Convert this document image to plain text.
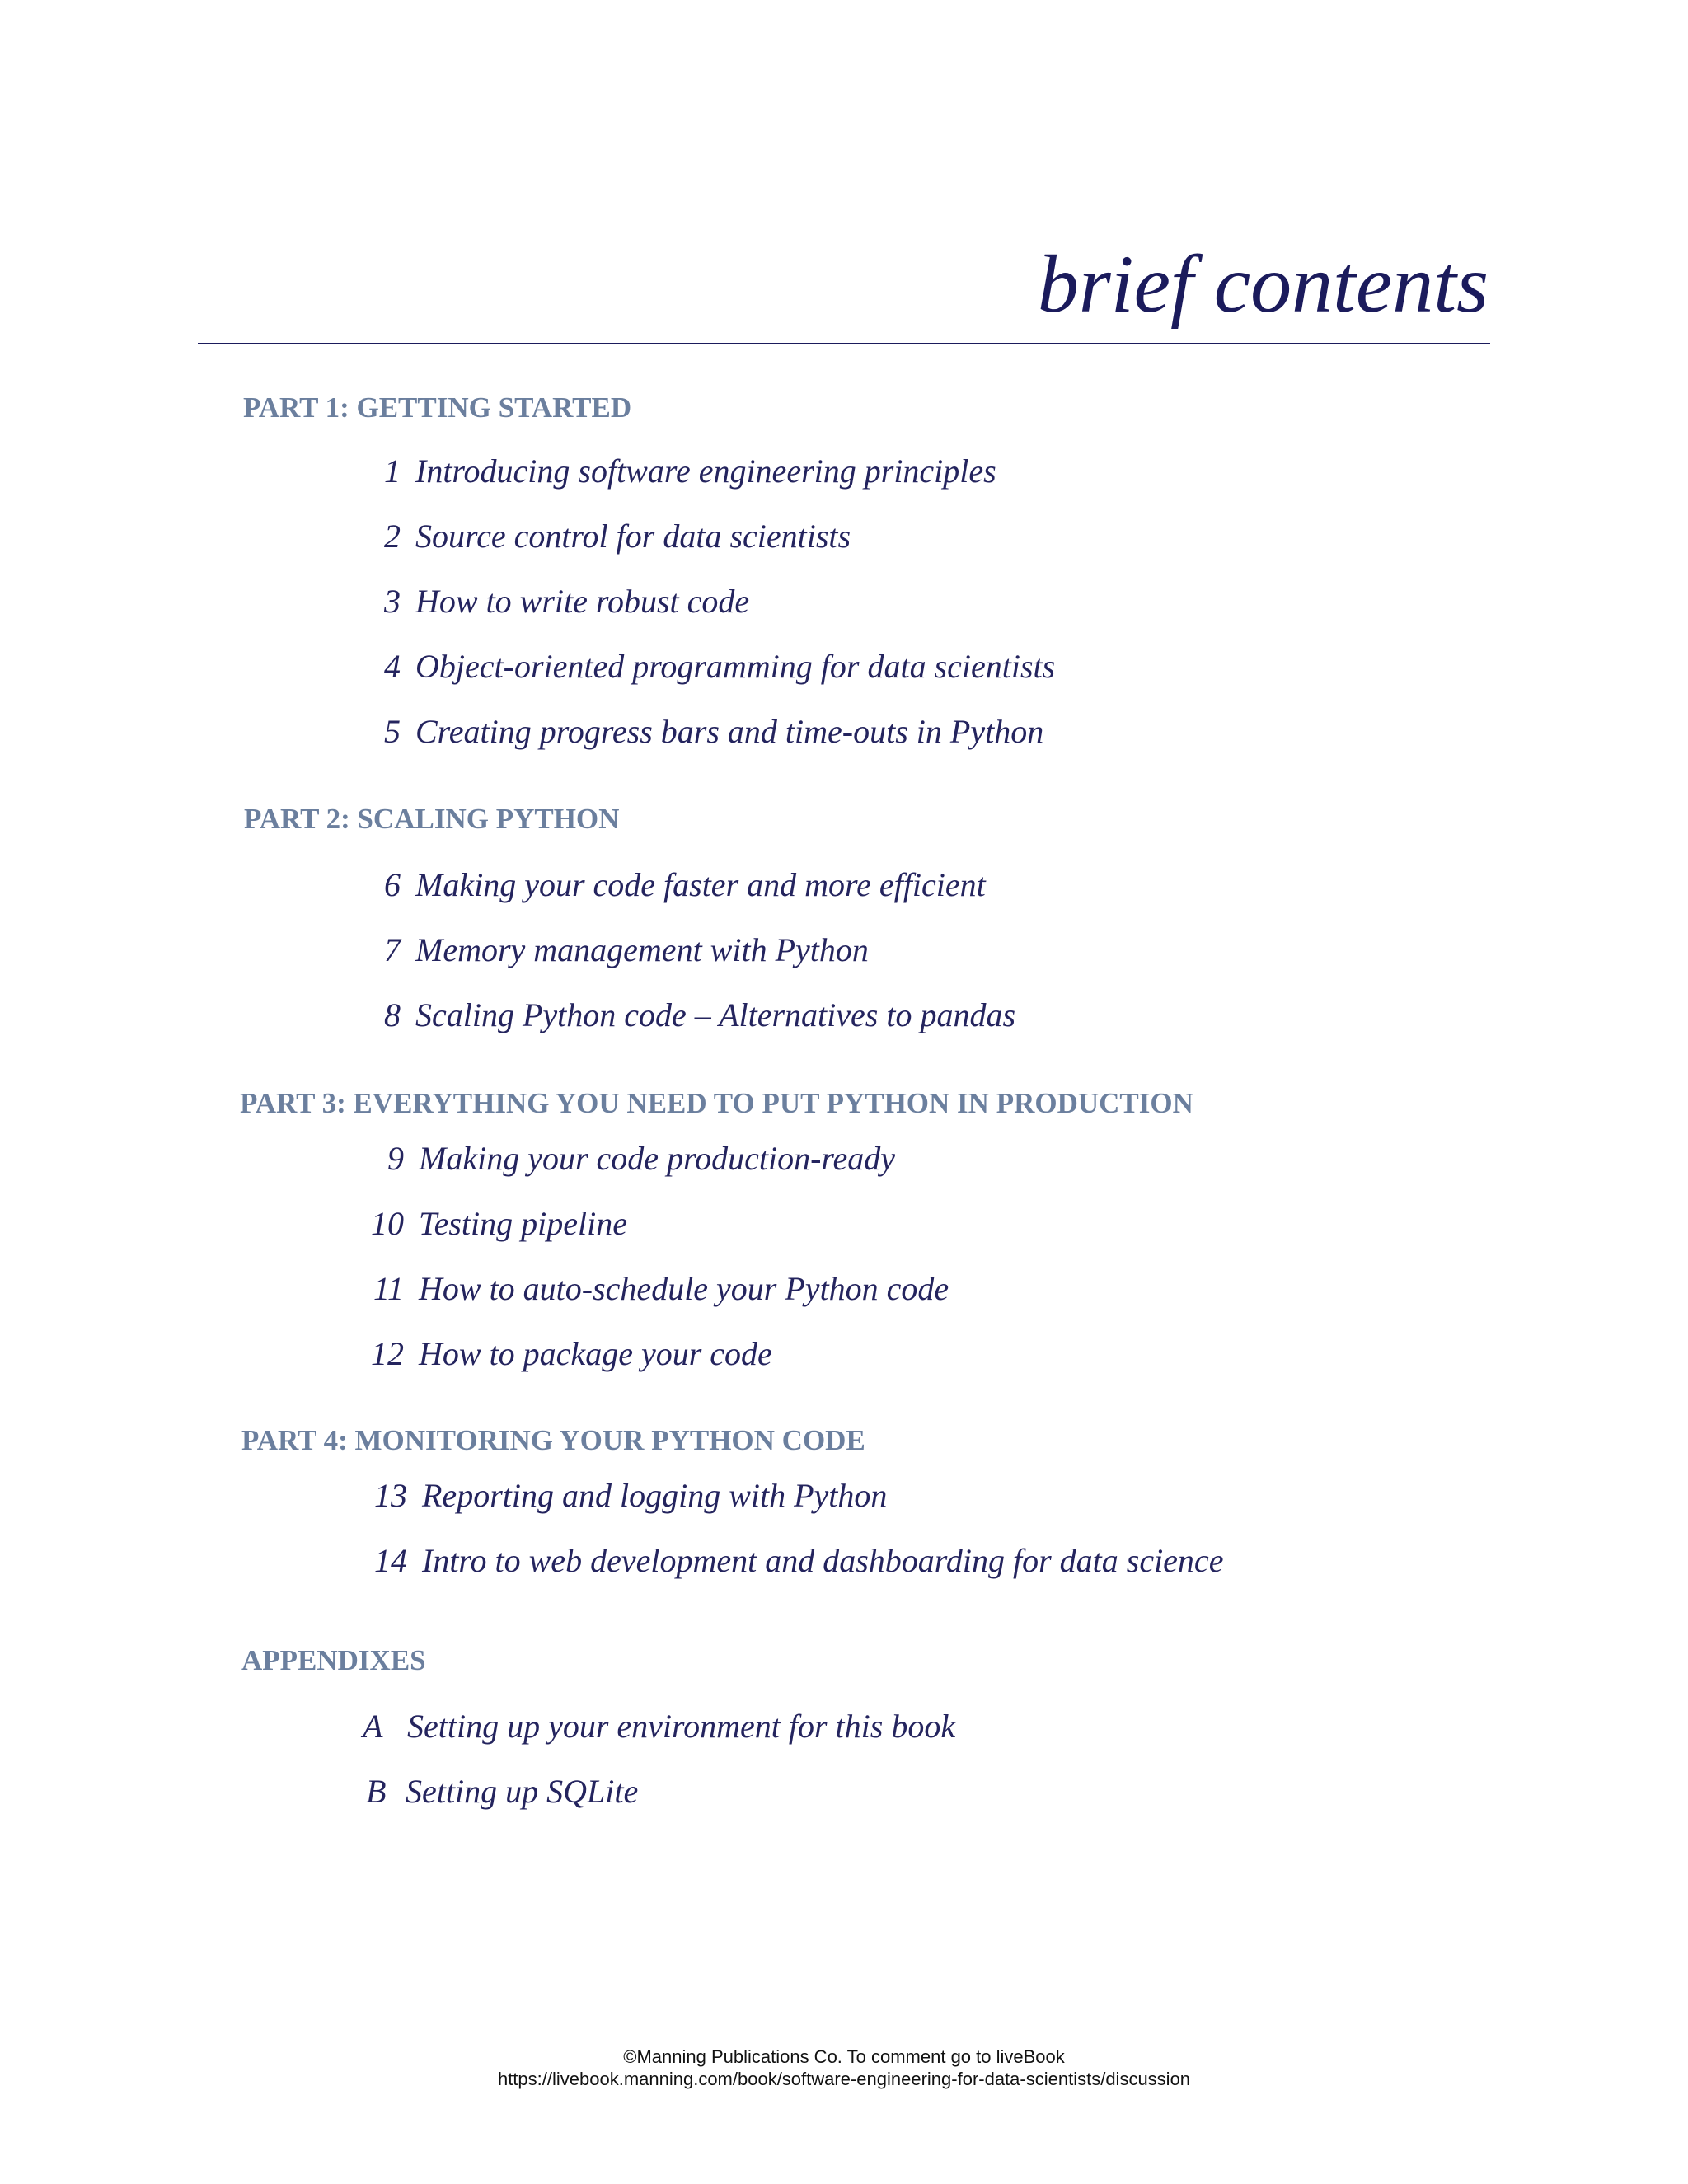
brief contents
PART 1: GETTING STARTED
1 Introducing software engineering principles
2 Source control for data scientists
3 How to write robust code
4 Object-oriented programming for data scientists
5 Creating progress bars and time-outs in Python
PART 2: SCALING PYTHON
6 Making your code faster and more efficient
7 Memory management with Python
8 Scaling Python code – Alternatives to pandas
PART 3: EVERYTHING YOU NEED TO PUT PYTHON IN PRODUCTION
9 Making your code production-ready
10 Testing pipeline
11 How to auto-schedule your Python code
12 How to package your code
PART 4: MONITORING YOUR PYTHON CODE
13 Reporting and logging with Python
14 Intro to web development and dashboarding for data science
APPENDIXES
A Setting up your environment for this book
B Setting up SQLite
©Manning Publications Co. To comment go to liveBook
https://livebook.manning.com/book/software-engineering-for-data-scientists/discussion
